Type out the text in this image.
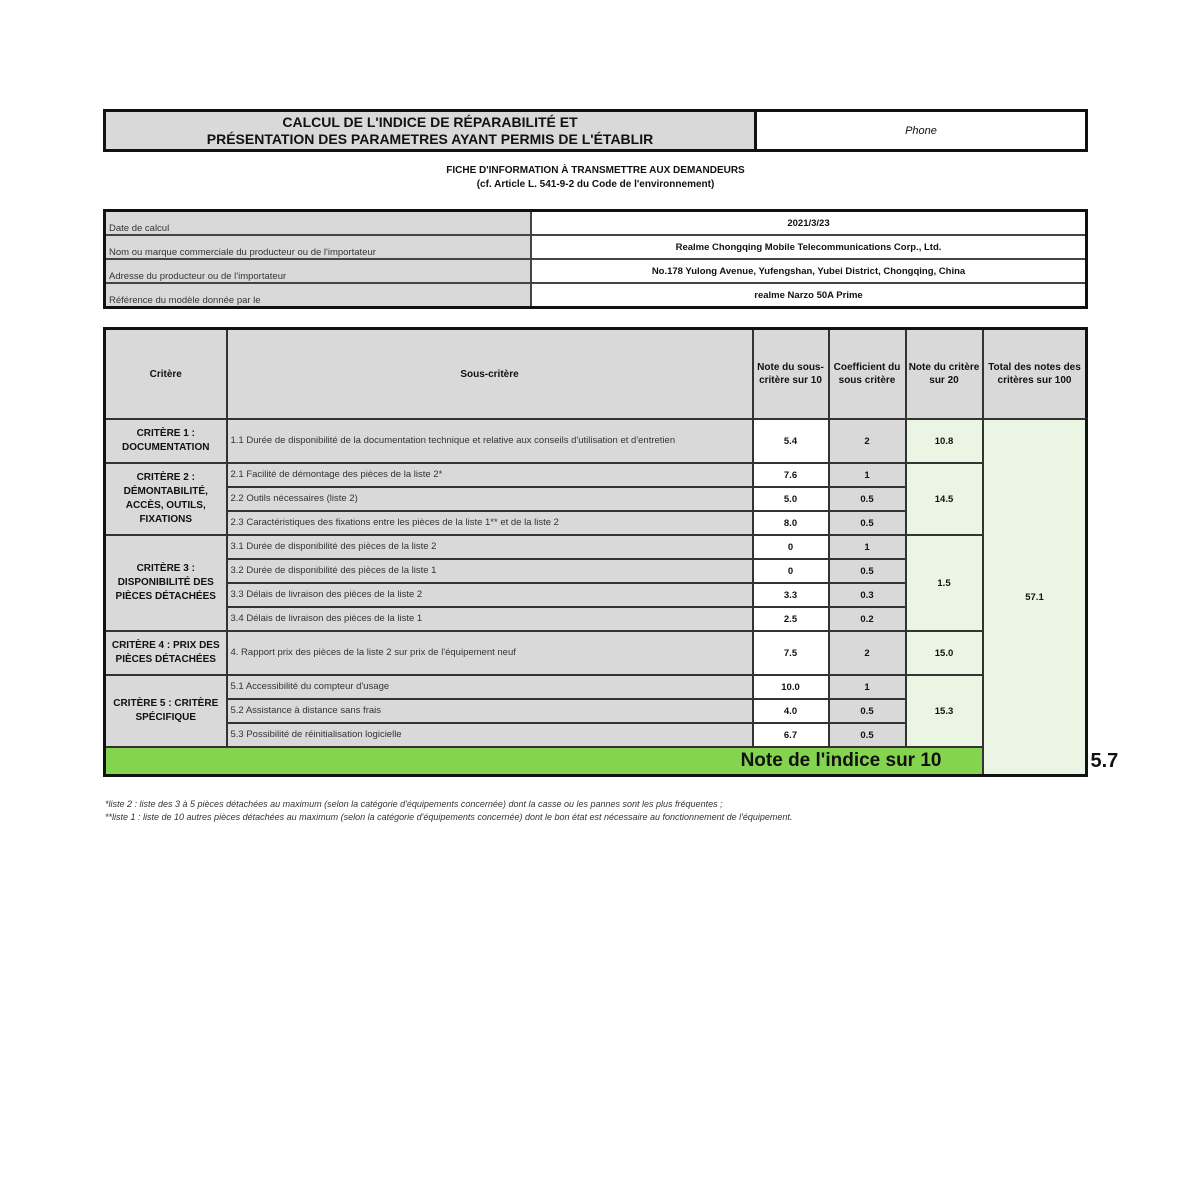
CALCUL DE L'INDICE DE RÉPARABILITÉ ET
PRÉSENTATION DES PARAMETRES AYANT PERMIS DE L'ÉTABLIR	Phone
FICHE D'INFORMATION À TRANSMETTRE AUX DEMANDEURS
(cf. Article L. 541-9-2 du Code de l'environnement)
Date de calcul	2021/3/23
Nom ou marque commerciale du producteur ou de l'importateur	Realme Chongqing Mobile Telecommunications Corp., Ltd.
Adresse du producteur ou de l'importateur	No.178 Yulong Avenue, Yufengshan, Yubei District, Chongqing, China
Référence du modèle donnée par le	realme Narzo 50A Prime
Critère	Sous-critère	Note du sous-critère sur 10	Coefficient du sous critère	Note du critère sur 20	Total des notes des critères sur 100	
CRITÈRE 1 : DOCUMENTATION	1.1 Durée de disponibilité de la documentation technique et relative aux conseils d'utilisation et d'entretien	5.4	2	10.8	57.1	
CRITÈRE 2 : DÉMONTABILITÉ, ACCÈS, OUTILS, FIXATIONS	2.1 Facilité de démontage des pièces de la liste 2*	7.6	1	14.5		
	2.2 Outils nécessaires (liste 2)	5.0	0.5			
	2.3 Caractéristiques des fixations entre les pièces de la liste 1** et de la liste 2	8.0	0.5			
CRITÈRE 3 : DISPONIBILITÉ DES PIÈCES DÉTACHÉES	3.1 Durée de disponibilité des pièces de la liste 2	0	1	1.5		
	3.2 Durée de disponibilité des pièces de la liste 1	0	0.5			
	3.3 Délais de livraison des pièces de la liste 2	3.3	0.3			
	3.4 Délais de livraison des pièces de la liste 1	2.5	0.2			
CRITÈRE 4 : PRIX DES PIÈCES DÉTACHÉES	4. Rapport prix des pièces de la liste 2 sur prix de l'équipement neuf	7.5	2	15.0		
CRITÈRE 5 : CRITÈRE SPÉCIFIQUE	5.1 Accessibilité du compteur d'usage	10.0	1	15.3		
	5.2 Assistance à distance sans frais	4.0	0.5			
	5.3 Possibilité de réinitialisation logicielle	6.7	0.5			
Note de l'indice sur 10						5.7
*liste 2 : liste des 3 à 5 pièces détachées au maximum (selon la catégorie d'équipements concernée) dont la casse ou les pannes sont les plus fréquentes ;
**liste 1 : liste de 10 autres pièces détachées au maximum (selon la catégorie d'équipements concernée) dont le bon état est nécessaire au fonctionnement de l'équipement.
